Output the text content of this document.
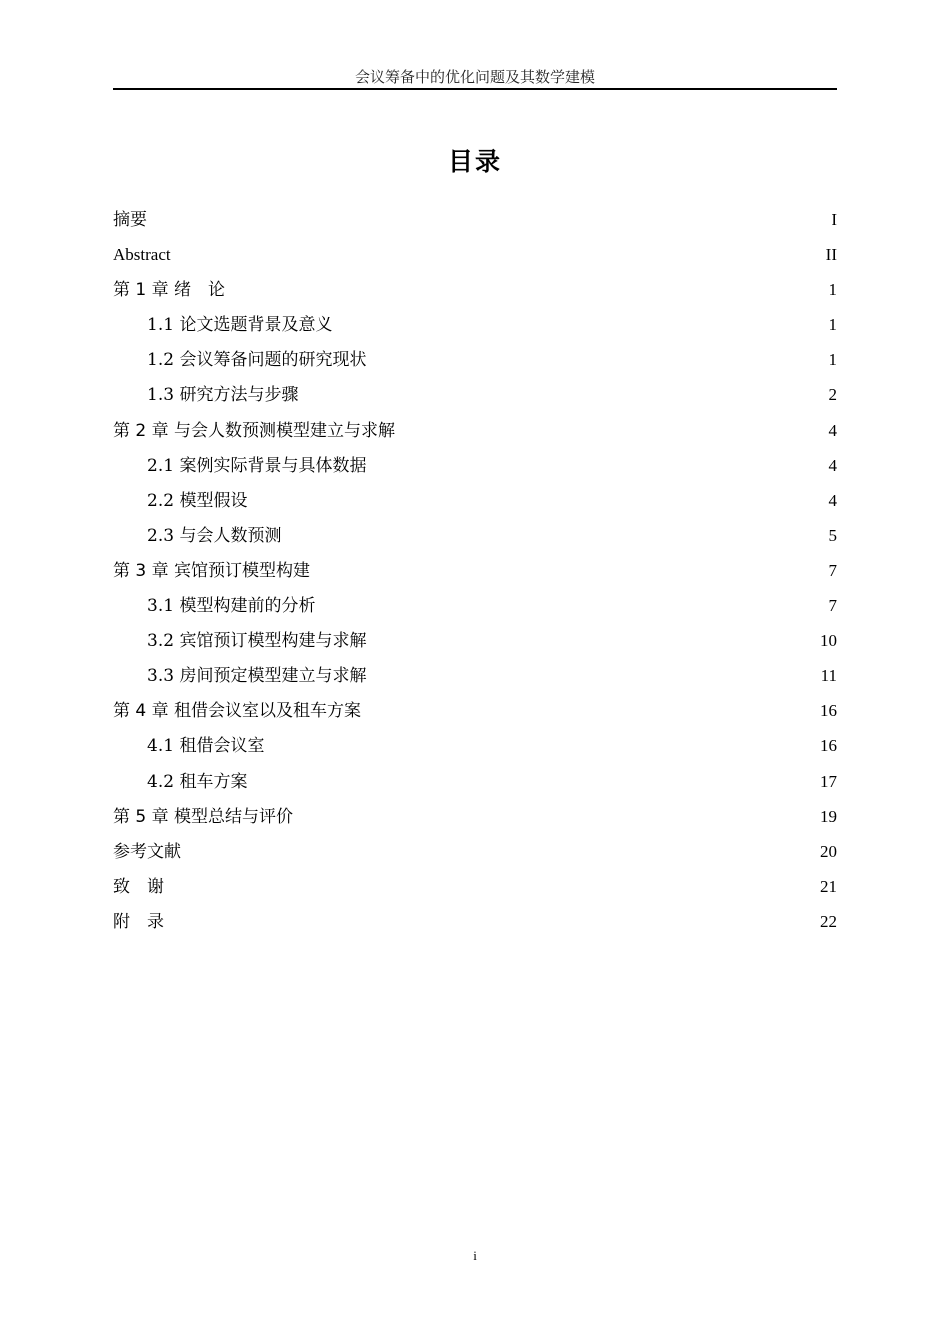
会议筹备中的优化问题及其数学建模
目录
摘要	I
Abstract	II
第 1 章 绪　论	1
1.1 论文选题背景及意义	1
1.2 会议筹备问题的研究现状	1
1.3 研究方法与步骤	2
第 2 章 与会人数预测模型建立与求解	4
2.1 案例实际背景与具体数据	4
2.2 模型假设	4
2.3 与会人数预测	5
第 3 章 宾馆预订模型构建	7
3.1 模型构建前的分析	7
3.2 宾馆预订模型构建与求解	10
3.3 房间预定模型建立与求解	11
第 4 章 租借会议室以及租车方案	16
4.1 租借会议室	16
4.2 租车方案	17
第 5 章 模型总结与评价	19
参考文献	20
致　谢	21
附　录	22
i
